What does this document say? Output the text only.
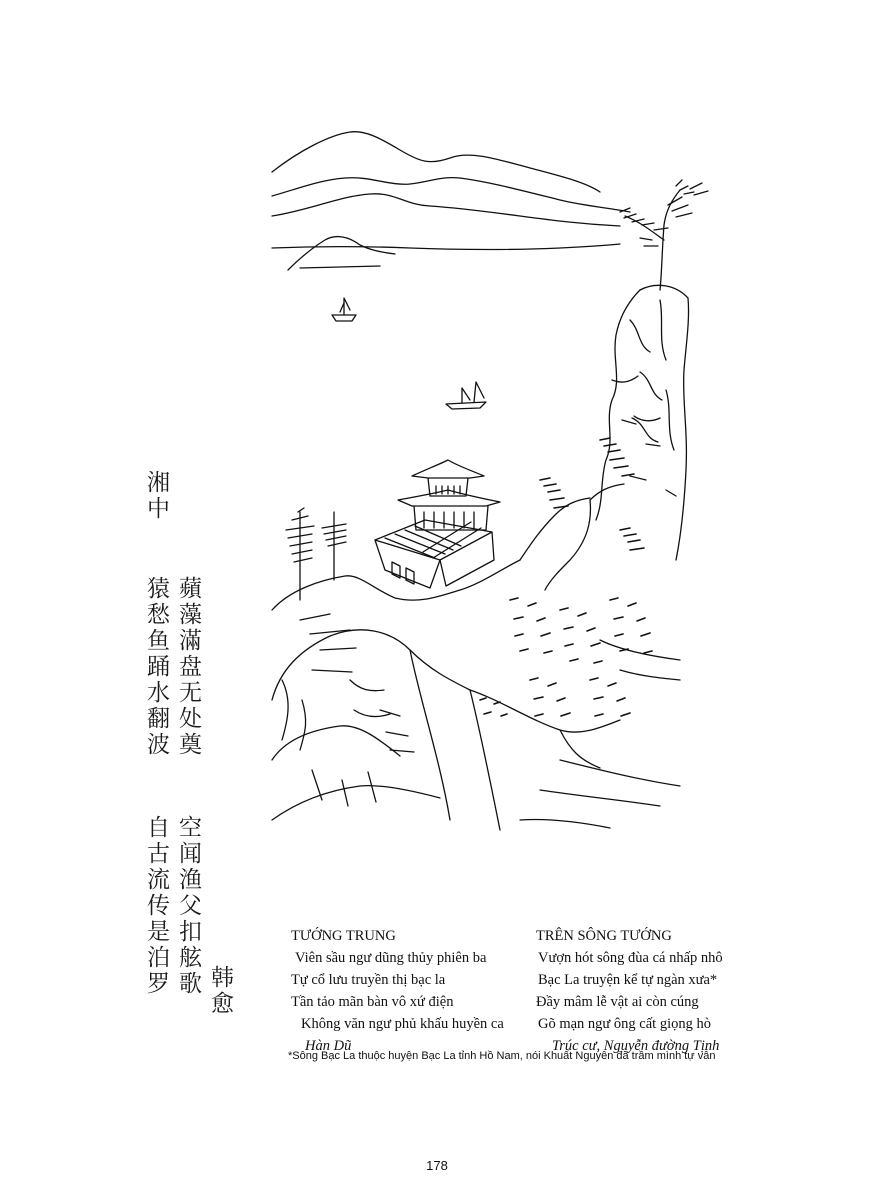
湘中
蘋藻滿盘无处奠
猿愁鱼踊水翻波
空闻渔父扣舷歌
自古流传是泊罗 韩愈
TƯỚNG TRUNG
Viên sầu ngư dũng thủy phiên ba
Tự cổ lưu truyền thị bạc la
Tần tảo mãn bàn vô xứ điện
Không văn ngư phủ khấu huyền ca
Hàn Dũ
TRÊN SÔNG TƯỚNG
Vượn hót sông đùa cá nhấp nhô
Bạc La truyện kể tự ngàn xưa*
Đầy mâm lễ vật ai còn cúng
Gõ mạn ngư ông cất giọng hò
Trúc cư, Nguyễn đường Tịnh
*Sông Bạc La thuộc huyện Bạc La tỉnh Hồ Nam, nói Khuất Nguyên đã trầm mình tự vẫn
178
